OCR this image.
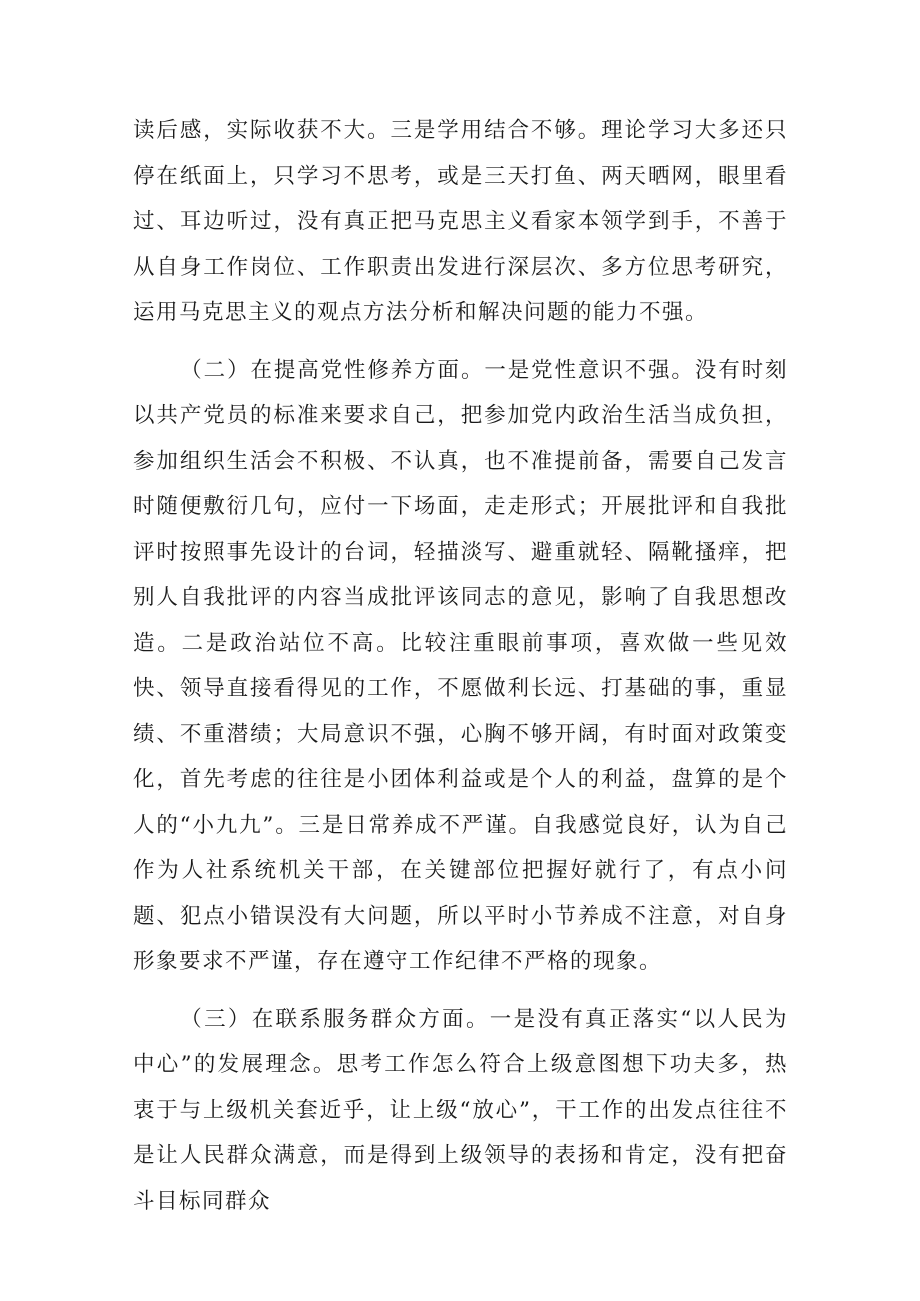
读后感，实际收获不大。三是学用结合不够。理论学习大多还只停在纸面上，只学习不思考，或是三天打鱼、两天晒网，眼里看过、耳边听过，没有真正把马克思主义看家本领学到手，不善于从自身工作岗位、工作职责出发进行深层次、多方位思考研究，运用马克思主义的观点方法分析和解决问题的能力不强。

（二）在提高党性修养方面。一是党性意识不强。没有时刻以共产党员的标准来要求自己，把参加党内政治生活当成负担，参加组织生活会不积极、不认真，也不准提前备，需要自己发言时随便敷衍几句，应付一下场面，走走形式；开展批评和自我批评时按照事先设计的台词，轻描淡写、避重就轻、隔靴搔痒，把别人自我批评的内容当成批评该同志的意见，影响了自我思想改造。二是政治站位不高。比较注重眼前事项，喜欢做一些见效快、领导直接看得见的工作，不愿做利长远、打基础的事，重显绩、不重潜绩；大局意识不强，心胸不够开阔，有时面对政策变化，首先考虑的往往是小团体利益或是个人的利益，盘算的是个人的“小九九”。三是日常养成不严谨。自我感觉良好，认为自己作为人社系统机关干部，在关键部位把握好就行了，有点小问题、犯点小错误没有大问题，所以平时小节养成不注意，对自身形象要求不严谨，存在遵守工作纪律不严格的现象。

（三）在联系服务群众方面。一是没有真正落实“以人民为中心”的发展理念。思考工作怎么符合上级意图想下功夫多，热衷于与上级机关套近乎，让上级“放心”，干工作的出发点往往不是让人民群众满意，而是得到上级领导的表扬和肯定，没有把奋斗目标同群众
